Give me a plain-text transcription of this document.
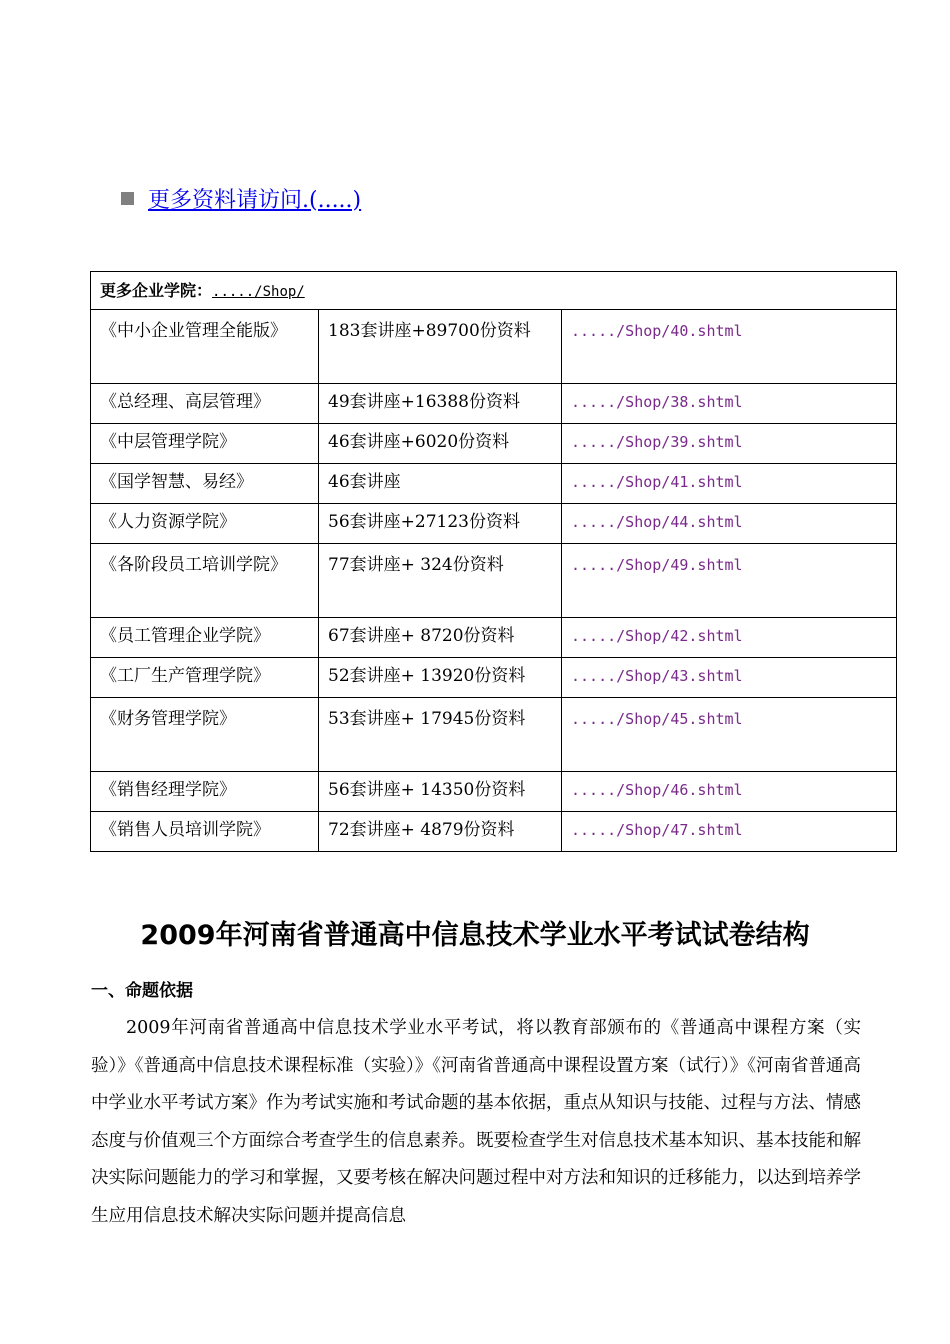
更多资料请访问.(.....)
更多企业学院：...../Shop/		
《中小企业管理全能版》	183套讲座+89700份资料	...../Shop/40.shtml
《总经理、高层管理》	49套讲座+16388份资料	...../Shop/38.shtml
《中层管理学院》	46套讲座+6020份资料	...../Shop/39.shtml
《国学智慧、易经》	46套讲座	...../Shop/41.shtml
《人力资源学院》	56套讲座+27123份资料	...../Shop/44.shtml
《各阶段员工培训学院》	77套讲座+ 324份资料	...../Shop/49.shtml
《员工管理企业学院》	67套讲座+ 8720份资料	...../Shop/42.shtml
《工厂生产管理学院》	52套讲座+ 13920份资料	...../Shop/43.shtml
《财务管理学院》	53套讲座+ 17945份资料	...../Shop/45.shtml
《销售经理学院》	56套讲座+ 14350份资料	...../Shop/46.shtml
《销售人员培训学院》	72套讲座+ 4879份资料	...../Shop/47.shtml
2009年河南省普通高中信息技术学业水平考试试卷结构
一、命题依据

2009年河南省普通高中信息技术学业水平考试，将以教育部颁布的《普通高中课程方案（实验）》《普通高中信息技术课程标准（实验）》《河南省普通高中课程设置方案（试行）》《河南省普通高中学业水平考试方案》作为考试实施和考试命题的基本依据，重点从知识与技能、过程与方法、情感态度与价值观三个方面综合考查学生的信息素养。既要检查学生对信息技术基本知识、基本技能和解决实际问题能力的学习和掌握，又要考核在解决问题过程中对方法和知识的迁移能力，以达到培养学生应用信息技术解决实际问题并提高信息
